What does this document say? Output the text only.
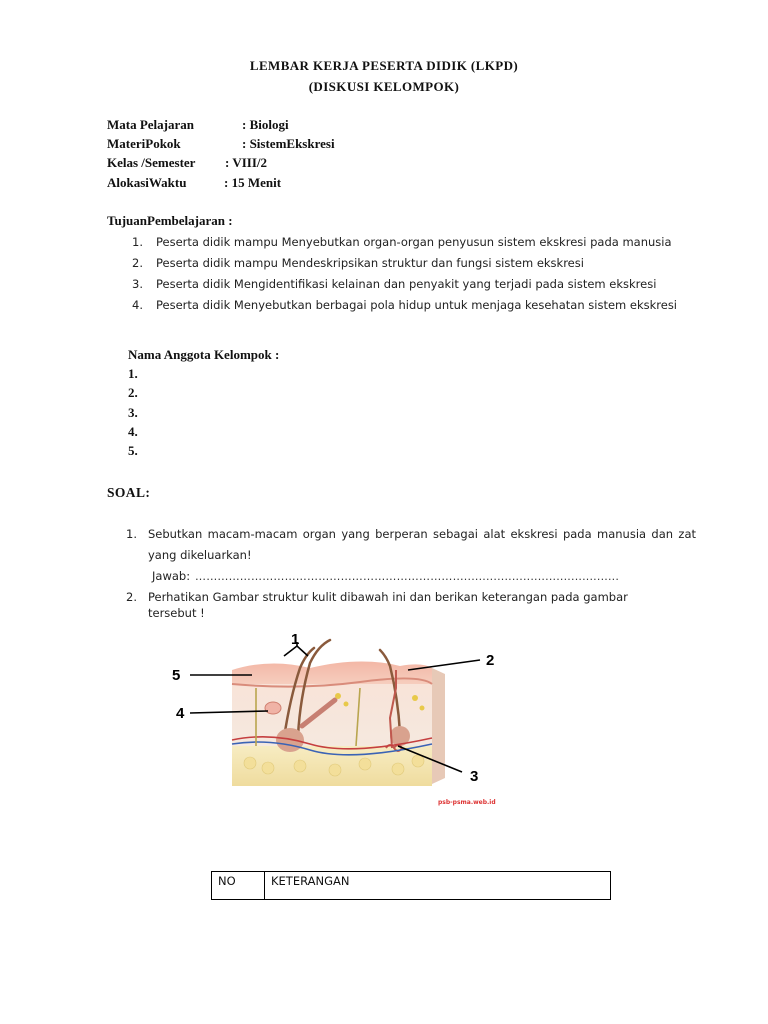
LEMBAR KERJA PESERTA DIDIK (LKPD)
(DISKUSI KELOMPOK)
Mata Pelajaran	: Biologi
MateriPokok	: SistemEkskresi
Kelas /Semester : VIII/2
AlokasiWaktu	: 15 Menit
TujuanPembelajaran :
1. Peserta didik mampu Menyebutkan organ-organ penyusun sistem ekskresi pada manusia
2. Peserta didik mampu Mendeskripsikan struktur dan fungsi sistem ekskresi
3. Peserta didik Mengidentifikasi kelainan dan penyakit yang terjadi pada sistem ekskresi
4. Peserta didik Menyebutkan berbagai pola hidup untuk menjaga kesehatan sistem ekskresi
Nama Anggota Kelompok :
1.
2.
3.
4.
5.
SOAL:
1. Sebutkan macam-macam organ yang berperan sebagai alat ekskresi pada manusia dan zat
yang dikeluarkan!
Jawab: ………………………………………………………………..........................................
2. Perhatikan Gambar struktur kulit dibawah ini dan berikan keterangan pada gambar
tersebut !
1
2
3
4
5
psb-psma.web.id
NO	KETERANGAN
